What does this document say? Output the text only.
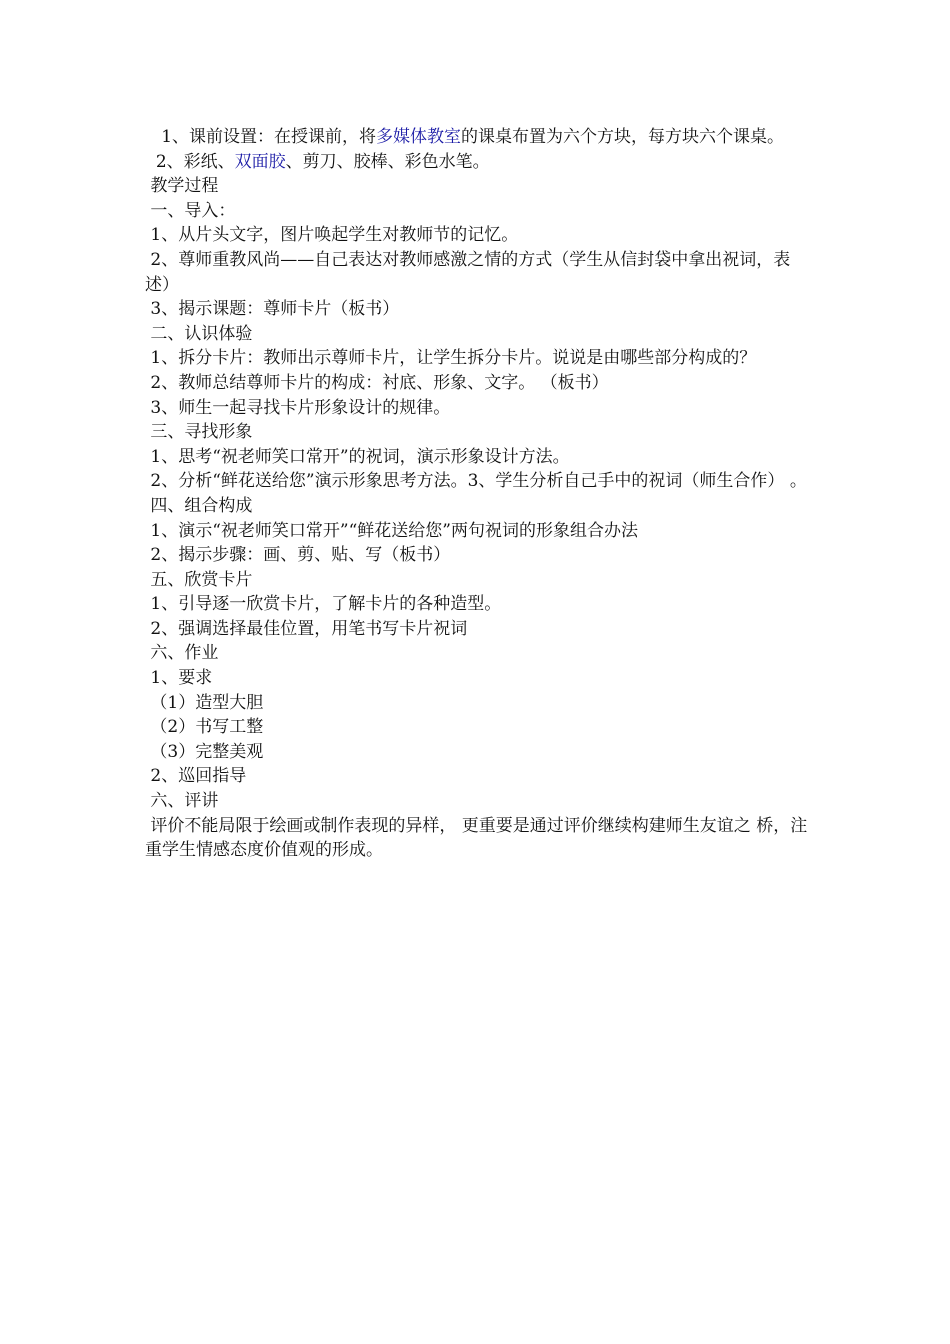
1、课前设置：在授课前，将多媒体教室的课桌布置为六个方块，每方块六个课桌。

2、彩纸、双面胶、剪刀、胶棒、彩色水笔。

教学过程

一、导入：

1、从片头文字，图片唤起学生对教师节的记忆。

2、尊师重教风尚——自己表达对教师感激之情的方式（学生从信封袋中拿出祝词，表述）

3、揭示课题：尊师卡片（板书）

二、认识体验

1、拆分卡片：教师出示尊师卡片，让学生拆分卡片。说说是由哪些部分构成的？

2、教师总结尊师卡片的构成：衬底、形象、文字。 （板书）

3、师生一起寻找卡片形象设计的规律。

三、寻找形象

1、思考“祝老师笑口常开”的祝词，演示形象设计方法。

2、分析“鲜花送给您”演示形象思考方法。3、学生分析自己手中的祝词（师生合作） 。

四、组合构成

1、演示“祝老师笑口常开”“鲜花送给您”两句祝词的形象组合办法

2、揭示步骤：画、剪、贴、写（板书）

五、欣赏卡片

1、引导逐一欣赏卡片，了解卡片的各种造型。

2、强调选择最佳位置，用笔书写卡片祝词

六、作业

1、要求

（1）造型大胆

（2）书写工整

（3）完整美观

2、巡回指导

六、评讲

评价不能局限于绘画或制作表现的异样， 更重要是通过评价继续构建师生友谊之 桥，注重学生情感态度价值观的形成。
